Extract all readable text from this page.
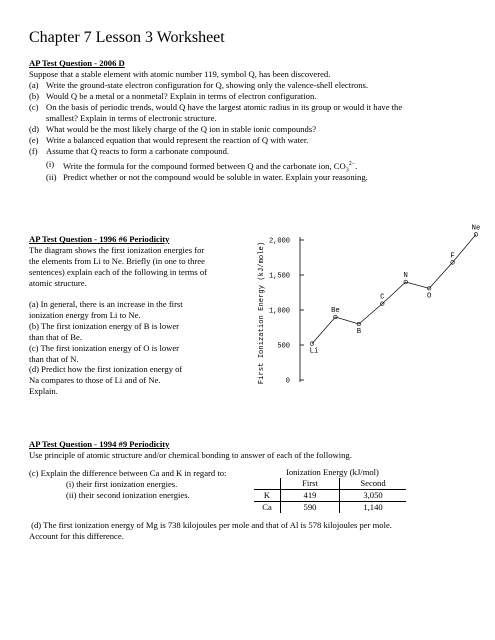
Chapter 7 Lesson 3 Worksheet
AP Test Question - 2006 D
Suppose that a stable element with atomic number 119, symbol Q, has been discovered.
(a) Write the ground-state electron configuration for Q, showing only the valence-shell electrons.
(b) Would Q be a metal or a nonmetal? Explain in terms of electron configuration.
(c) On the basis of periodic trends, would Q have the largest atomic radius in its group or would it have the
smallest? Explain in terms of electronic structure.
(d) What would be the most likely charge of the Q ion in stable ionic compounds?
(e) Write a balanced equation that would represent the reaction of Q with water.
(f) Assume that Q reacts to form a carbonate compound.
(i) Write the formula for the compound formed between Q and the carbonate ion, $CO_3^{2-}$.
(ii) Predict whether or not the compound would be soluble in water. Explain your reasoning.
AP Test Question - 1996 #6 Periodicity
The diagram shows the first ionization energies for
the elements from Li to Ne. Briefly (in one to three
sentences) explain each of the following in terms of
atomic structure.
(a) In general, there is an increase in the first
ionization energy from Li to Ne.
(b) The first ionization energy of B is lower
than that of Be.
(c) The first ionization energy of O is lower
than that of N.
(d) Predict how the first ionization energy of
Na compares to those of Li and of Ne.
Explain.
First Ionization Energy (kJ/mole)
2,000
1,500
1,000
500
0
Li
Be
B
C
N
O
F
Ne
AP Test Question - 1994 #9 Periodicity
Use principle of atomic structure and/or chemical bonding to answer of each of the following.
(c) Explain the difference between Ca and K in regard to:
(i) their first ionization energies.
(ii) their second ionization energies.
Ionization Energy (kJ/mol)
	First	Second
K	419	3,050
Ca	590	1,140
(d) The first ionization energy of Mg is 738 kilojoules per mole and that of Al is 578 kilojoules per mole.
Account for this difference.
